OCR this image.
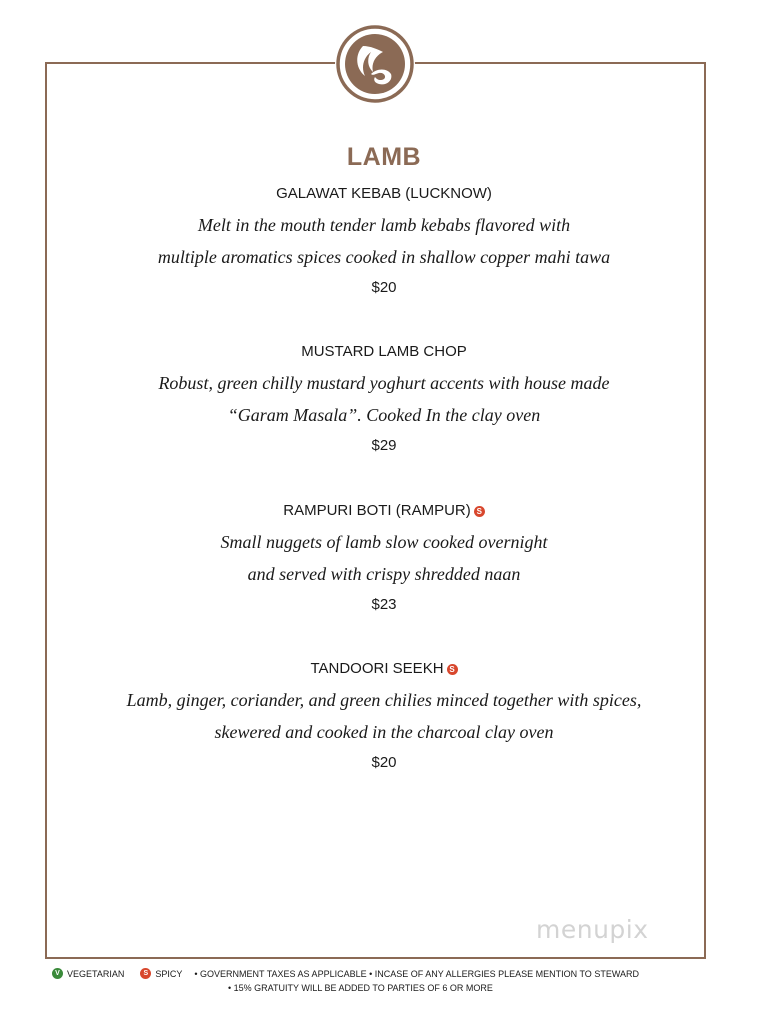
LAMB
GALAWAT KEBAB (LUCKNOW)
Melt in the mouth tender lamb kebabs flavored with
multiple aromatics spices cooked in shallow copper mahi tawa
$20
MUSTARD LAMB CHOP
Robust, green chilly mustard yoghurt accents with house made
“Garam Masala”. Cooked In the clay oven
$29
RAMPURI BOTI (RAMPUR) S
Small nuggets of lamb slow cooked overnight
and served with crispy shredded naan
$23
TANDOORI SEEKH S
Lamb, ginger, coriander, and green chilies minced together with spices,
skewered and cooked in the charcoal clay oven
$20
menupix
V VEGETARIAN	S SPICY • GOVERNMENT TAXES AS APPLICABLE • INCASE OF ANY ALLERGIES PLEASE MENTION TO STEWARD
• 15% GRATUITY WILL BE ADDED TO PARTIES OF 6 OR MORE
